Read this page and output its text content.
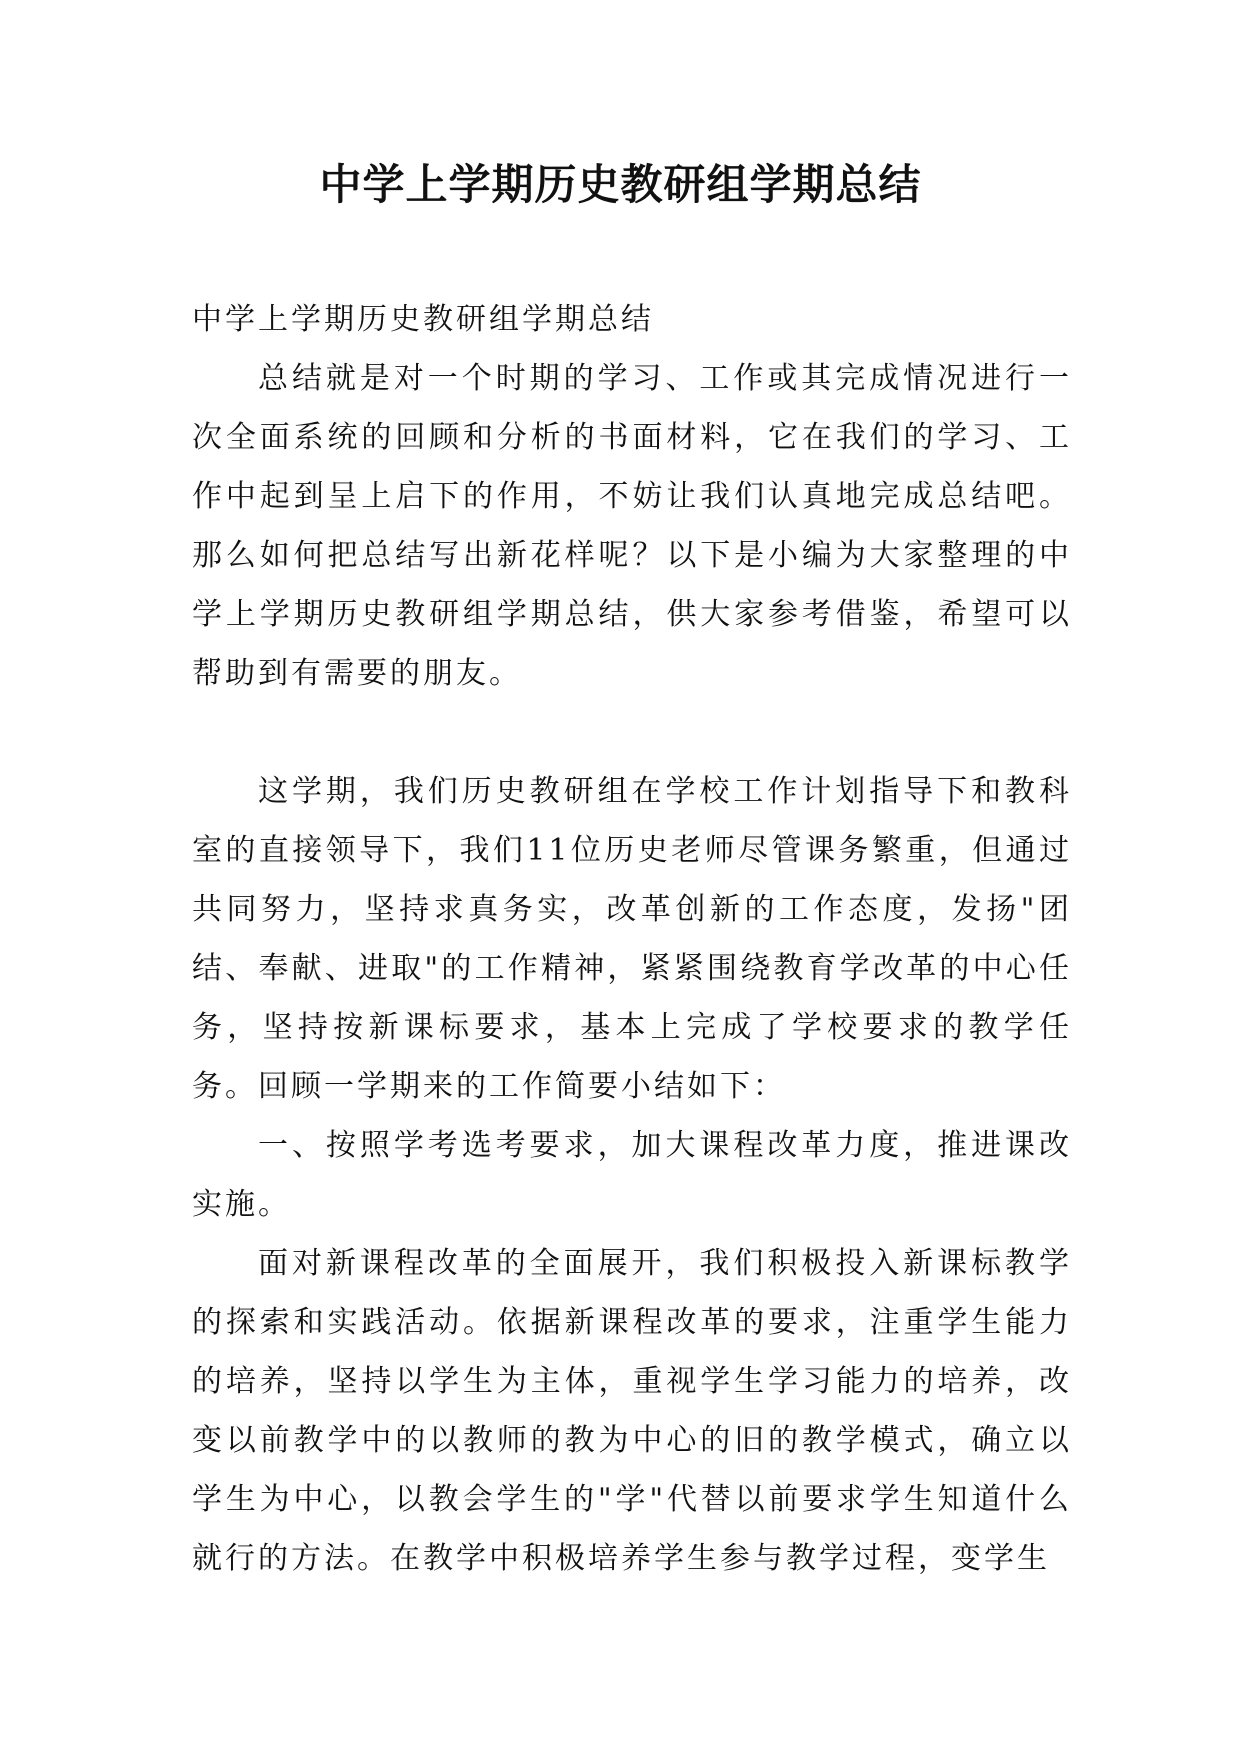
中学上学期历史教研组学期总结

中学上学期历史教研组学期总结

总结就是对一个时期的学习、工作或其完成情况进行一次全面系统的回顾和分析的书面材料，它在我们的学习、工作中起到呈上启下的作用，不妨让我们认真地完成总结吧。那么如何把总结写出新花样呢？以下是小编为大家整理的中学上学期历史教研组学期总结，供大家参考借鉴，希望可以帮助到有需要的朋友。

这学期，我们历史教研组在学校工作计划指导下和教科室的直接领导下，我们11位历史老师尽管课务繁重，但通过共同努力，坚持求真务实，改革创新的工作态度，发扬"团结、奉献、进取"的工作精神，紧紧围绕教育学改革的中心任务，坚持按新课标要求，基本上完成了学校要求的教学任务。回顾一学期来的工作简要小结如下：

一、按照学考选考要求，加大课程改革力度，推进课改实施。

面对新课程改革的全面展开，我们积极投入新课标教学的探索和实践活动。依据新课程改革的要求，注重学生能力的培养，坚持以学生为主体，重视学生学习能力的培养，改变以前教学中的以教师的教为中心的旧的教学模式，确立以学生为中心，以教会学生的"学"代替以前要求学生知道什么就行的方法。在教学中积极培养学生参与教学过程，变学生
